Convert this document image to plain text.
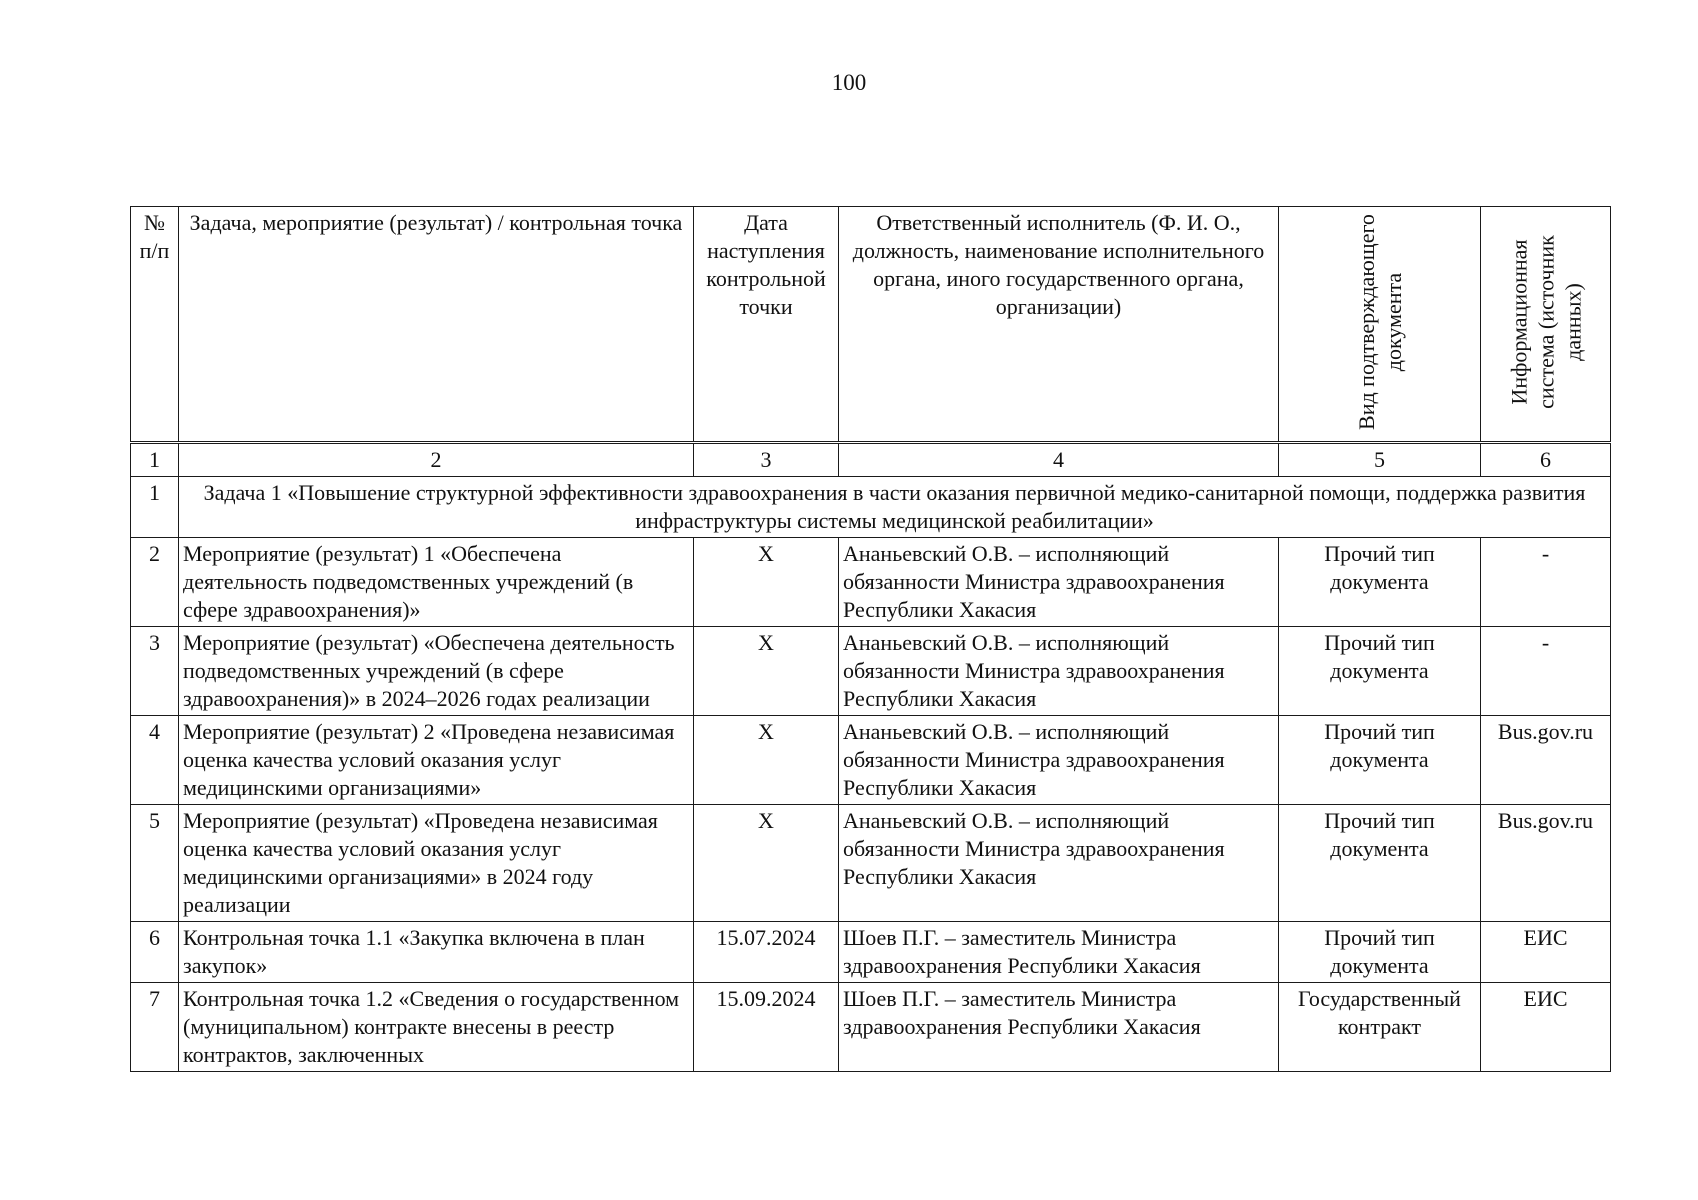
100
№ п/п	Задача, мероприятие (результат) / контрольная точка	Дата наступления контрольной точки	Ответственный исполнитель (Ф. И. О., должность, наименование исполнительного органа, иного государственного органа, организации)	Вид подтверждающего документа	Информационная система (источник данных)

1	2	3	4	5	6
1	Задача 1 «Повышение структурной эффективности здравоохранения в части оказания первичной медико-санитарной помощи, поддержка развития инфраструктуры системы медицинской реабилитации»				
2	Мероприятие (результат) 1 «Обеспечена деятельность подведомственных учреждений (в сфере здравоохранения)»	X	Ананьевский О.В. – исполняющий обязанности Министра здравоохранения Республики Хакасия	Прочий тип документа	-
3	Мероприятие (результат) «Обеспечена деятельность подведомственных учреждений (в сфере здравоохранения)» в 2024–2026 годах реализации	X	Ананьевский О.В. – исполняющий обязанности Министра здравоохранения Республики Хакасия	Прочий тип документа	-
4	Мероприятие (результат) 2 «Проведена независимая оценка качества условий оказания услуг медицинскими организациями»	X	Ананьевский О.В. – исполняющий обязанности Министра здравоохранения Республики Хакасия	Прочий тип документа	Bus.gov.ru
5	Мероприятие (результат) «Проведена независимая оценка качества условий оказания услуг медицинскими организациями» в 2024 году реализации	X	Ананьевский О.В. – исполняющий обязанности Министра здравоохранения Республики Хакасия	Прочий тип документа	Bus.gov.ru
6	Контрольная точка 1.1 «Закупка включена в план закупок»	15.07.2024	Шоев П.Г. – заместитель Министра здравоохранения Республики Хакасия	Прочий тип документа	ЕИС
7	Контрольная точка 1.2 «Сведения о государственном (муниципальном) контракте внесены в реестр контрактов, заключенных	15.09.2024	Шоев П.Г. – заместитель Министра здравоохранения Республики Хакасия	Государственный контракт	ЕИС
